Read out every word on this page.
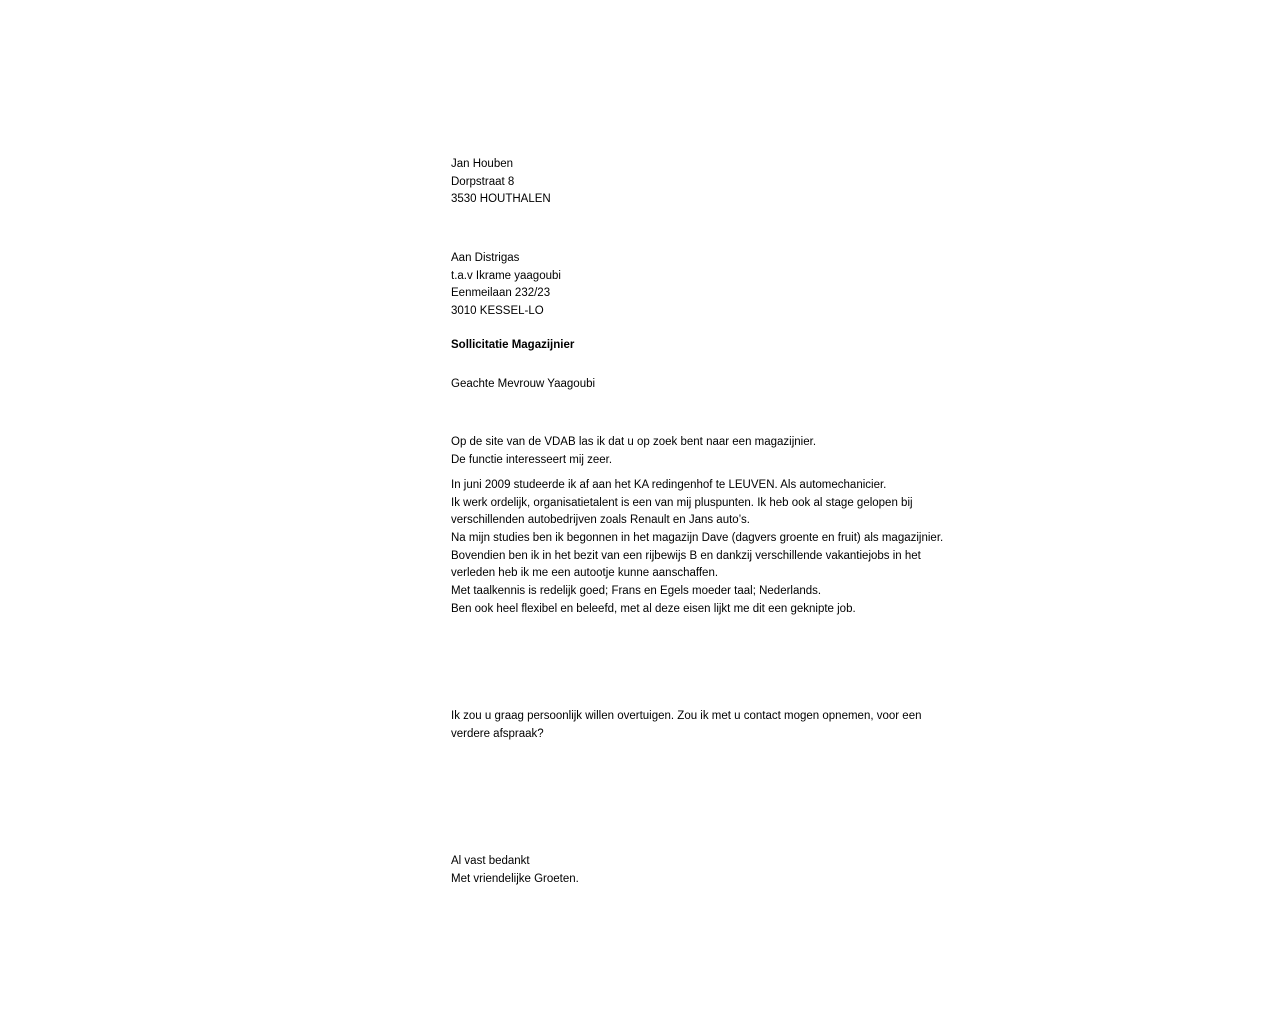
Jan Houben
Dorpstraat 8
3530 HOUTHALEN
Aan Distrigas
t.a.v Ikrame yaagoubi
Eenmeilaan 232/23
3010 KESSEL-LO
Sollicitatie Magazijnier
Geachte Mevrouw Yaagoubi
Op de site van de VDAB las ik dat u op zoek bent naar een magazijnier.
De functie interesseert mij zeer.
In juni 2009 studeerde ik af aan het KA redingenhof te LEUVEN. Als automechanicier.
Ik werk ordelijk, organisatietalent is een van mij pluspunten. Ik heb ook al stage gelopen bij
verschillenden autobedrijven zoals Renault en Jans auto’s.
Na mijn studies ben ik begonnen in het magazijn Dave (dagvers groente en fruit) als magazijnier.
Bovendien ben ik in het bezit van een rijbewijs B en dankzij verschillende vakantiejobs in het
verleden heb ik me een autootje kunne aanschaffen.
Met taalkennis is redelijk goed; Frans en Egels moeder taal; Nederlands.
Ben ook heel flexibel en beleefd, met al deze eisen lijkt me dit een geknipte job.
Ik zou u graag persoonlijk willen overtuigen. Zou ik met u contact mogen opnemen, voor een
verdere afspraak?
Al vast bedankt
Met vriendelijke Groeten.
